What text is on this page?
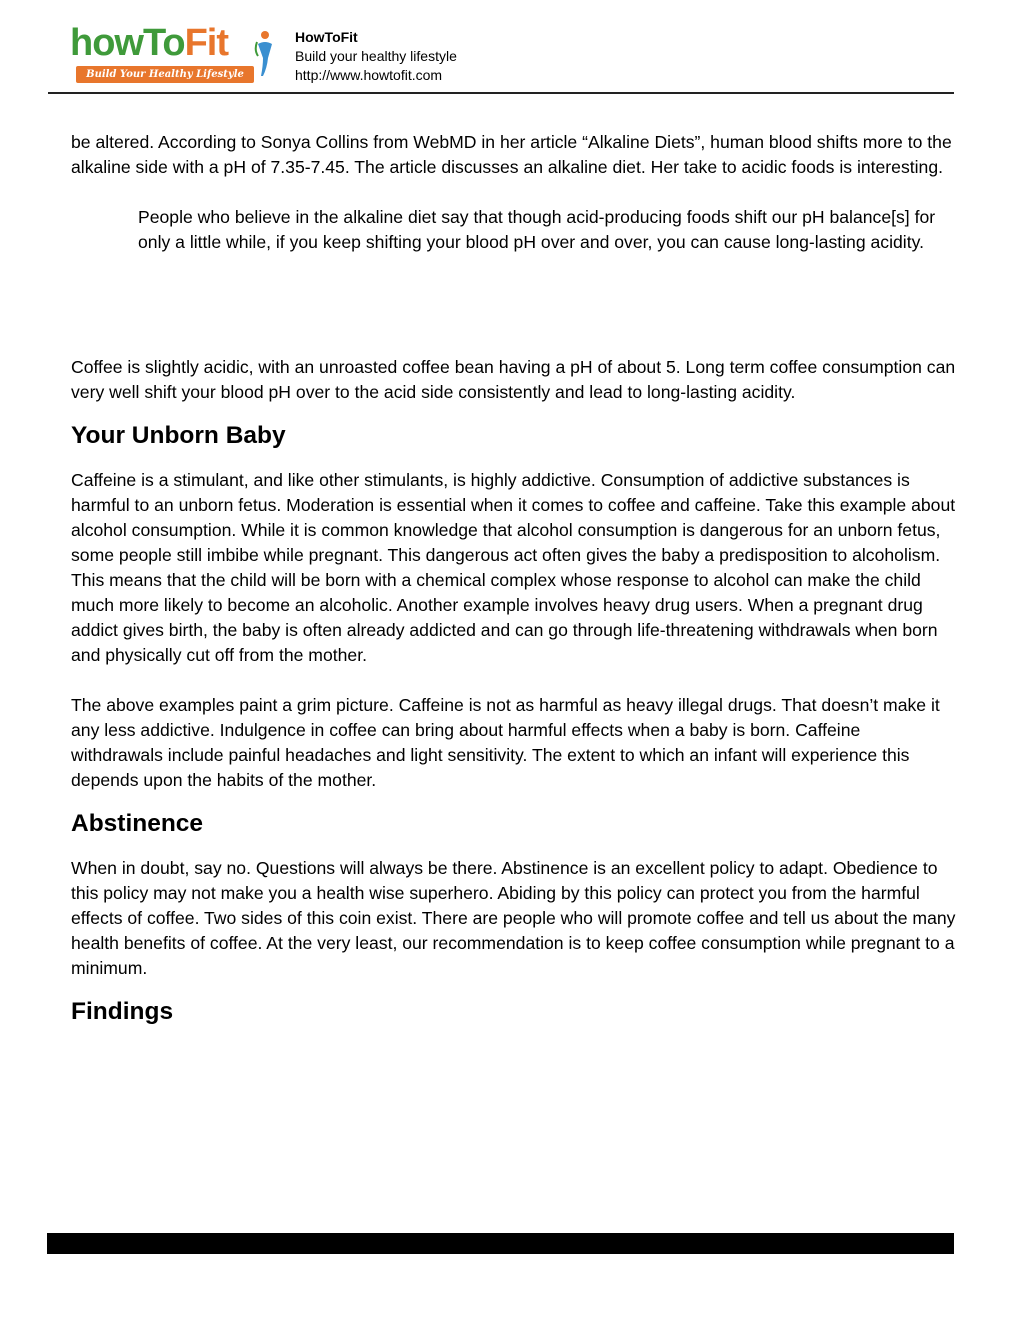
howToFit
Build Your Healthy Lifestyle
HowToFit
Build your healthy lifestyle
http://www.howtofit.com

be altered. According to Sonya Collins from WebMD in her article “Alkaline Diets”, human blood shifts more to the alkaline side with a pH of 7.35-7.45. The article discusses an alkaline diet. Her take to acidic foods is interesting.

People who believe in the alkaline diet say that though acid-producing foods shift our pH balance[s] for only a little while, if you keep shifting your blood pH over and over, you can cause long-lasting acidity.

Coffee is slightly acidic, with an unroasted coffee bean having a pH of about 5. Long term coffee consumption can very well shift your blood pH over to the acid side consistently and lead to long-lasting acidity.

Your Unborn Baby

Caffeine is a stimulant, and like other stimulants, is highly addictive. Consumption of addictive substances is harmful to an unborn fetus. Moderation is essential when it comes to coffee and caffeine. Take this example about alcohol consumption. While it is common knowledge that alcohol consumption is dangerous for an unborn fetus, some people still imbibe while pregnant. This dangerous act often gives the baby a predisposition to alcoholism. This means that the child will be born with a chemical complex whose response to alcohol can make the child much more likely to become an alcoholic. Another example involves heavy drug users. When a pregnant drug addict gives birth, the baby is often already addicted and can go through life-threatening withdrawals when born and physically cut off from the mother.

The above examples paint a grim picture. Caffeine is not as harmful as heavy illegal drugs. That doesn’t make it any less addictive. Indulgence in coffee can bring about harmful effects when a baby is born. Caffeine withdrawals include painful headaches and light sensitivity. The extent to which an infant will experience this depends upon the habits of the mother.

Abstinence

When in doubt, say no. Questions will always be there. Abstinence is an excellent policy to adapt. Obedience to this policy may not make you a health wise superhero. Abiding by this policy can protect you from the harmful effects of coffee. Two sides of this coin exist. There are people who will promote coffee and tell us about the many health benefits of coffee. At the very least, our recommendation is to keep coffee consumption while pregnant to a minimum.

Findings
